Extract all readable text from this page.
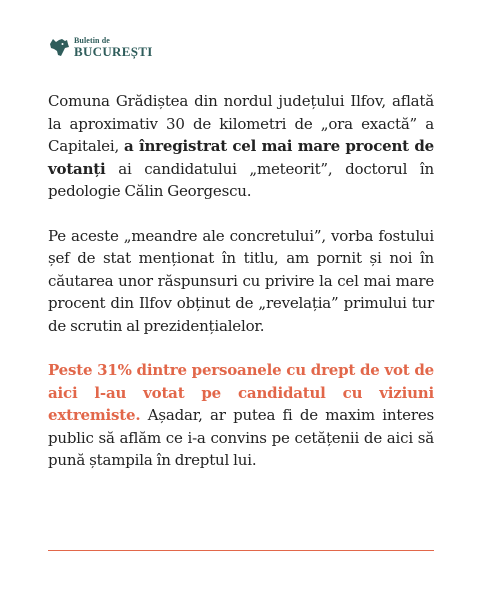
Buletin de
BUCUREȘTI

Comuna Grădiștea din nordul județului Ilfov, aflată la aproximativ 30 de kilometri de „ora exactă” a Capitalei, a înregistrat cel mai mare procent de votanți ai candidatului „meteorit”, doctorul în pedologie Călin Georgescu.

Pe aceste „meandre ale concretului”, vorba fostului șef de stat menționat în titlu, am pornit și noi în căutarea unor răspunsuri cu privire la cel mai mare procent din Ilfov obținut de „revelația” primului tur de scrutin al prezidențialelor.

Peste 31% dintre persoanele cu drept de vot de aici l-au votat pe candidatul cu viziuni extremiste. Așadar, ar putea fi de maxim interes public să aflăm ce i-a convins pe cetățenii de aici să pună ștampila în dreptul lui.
